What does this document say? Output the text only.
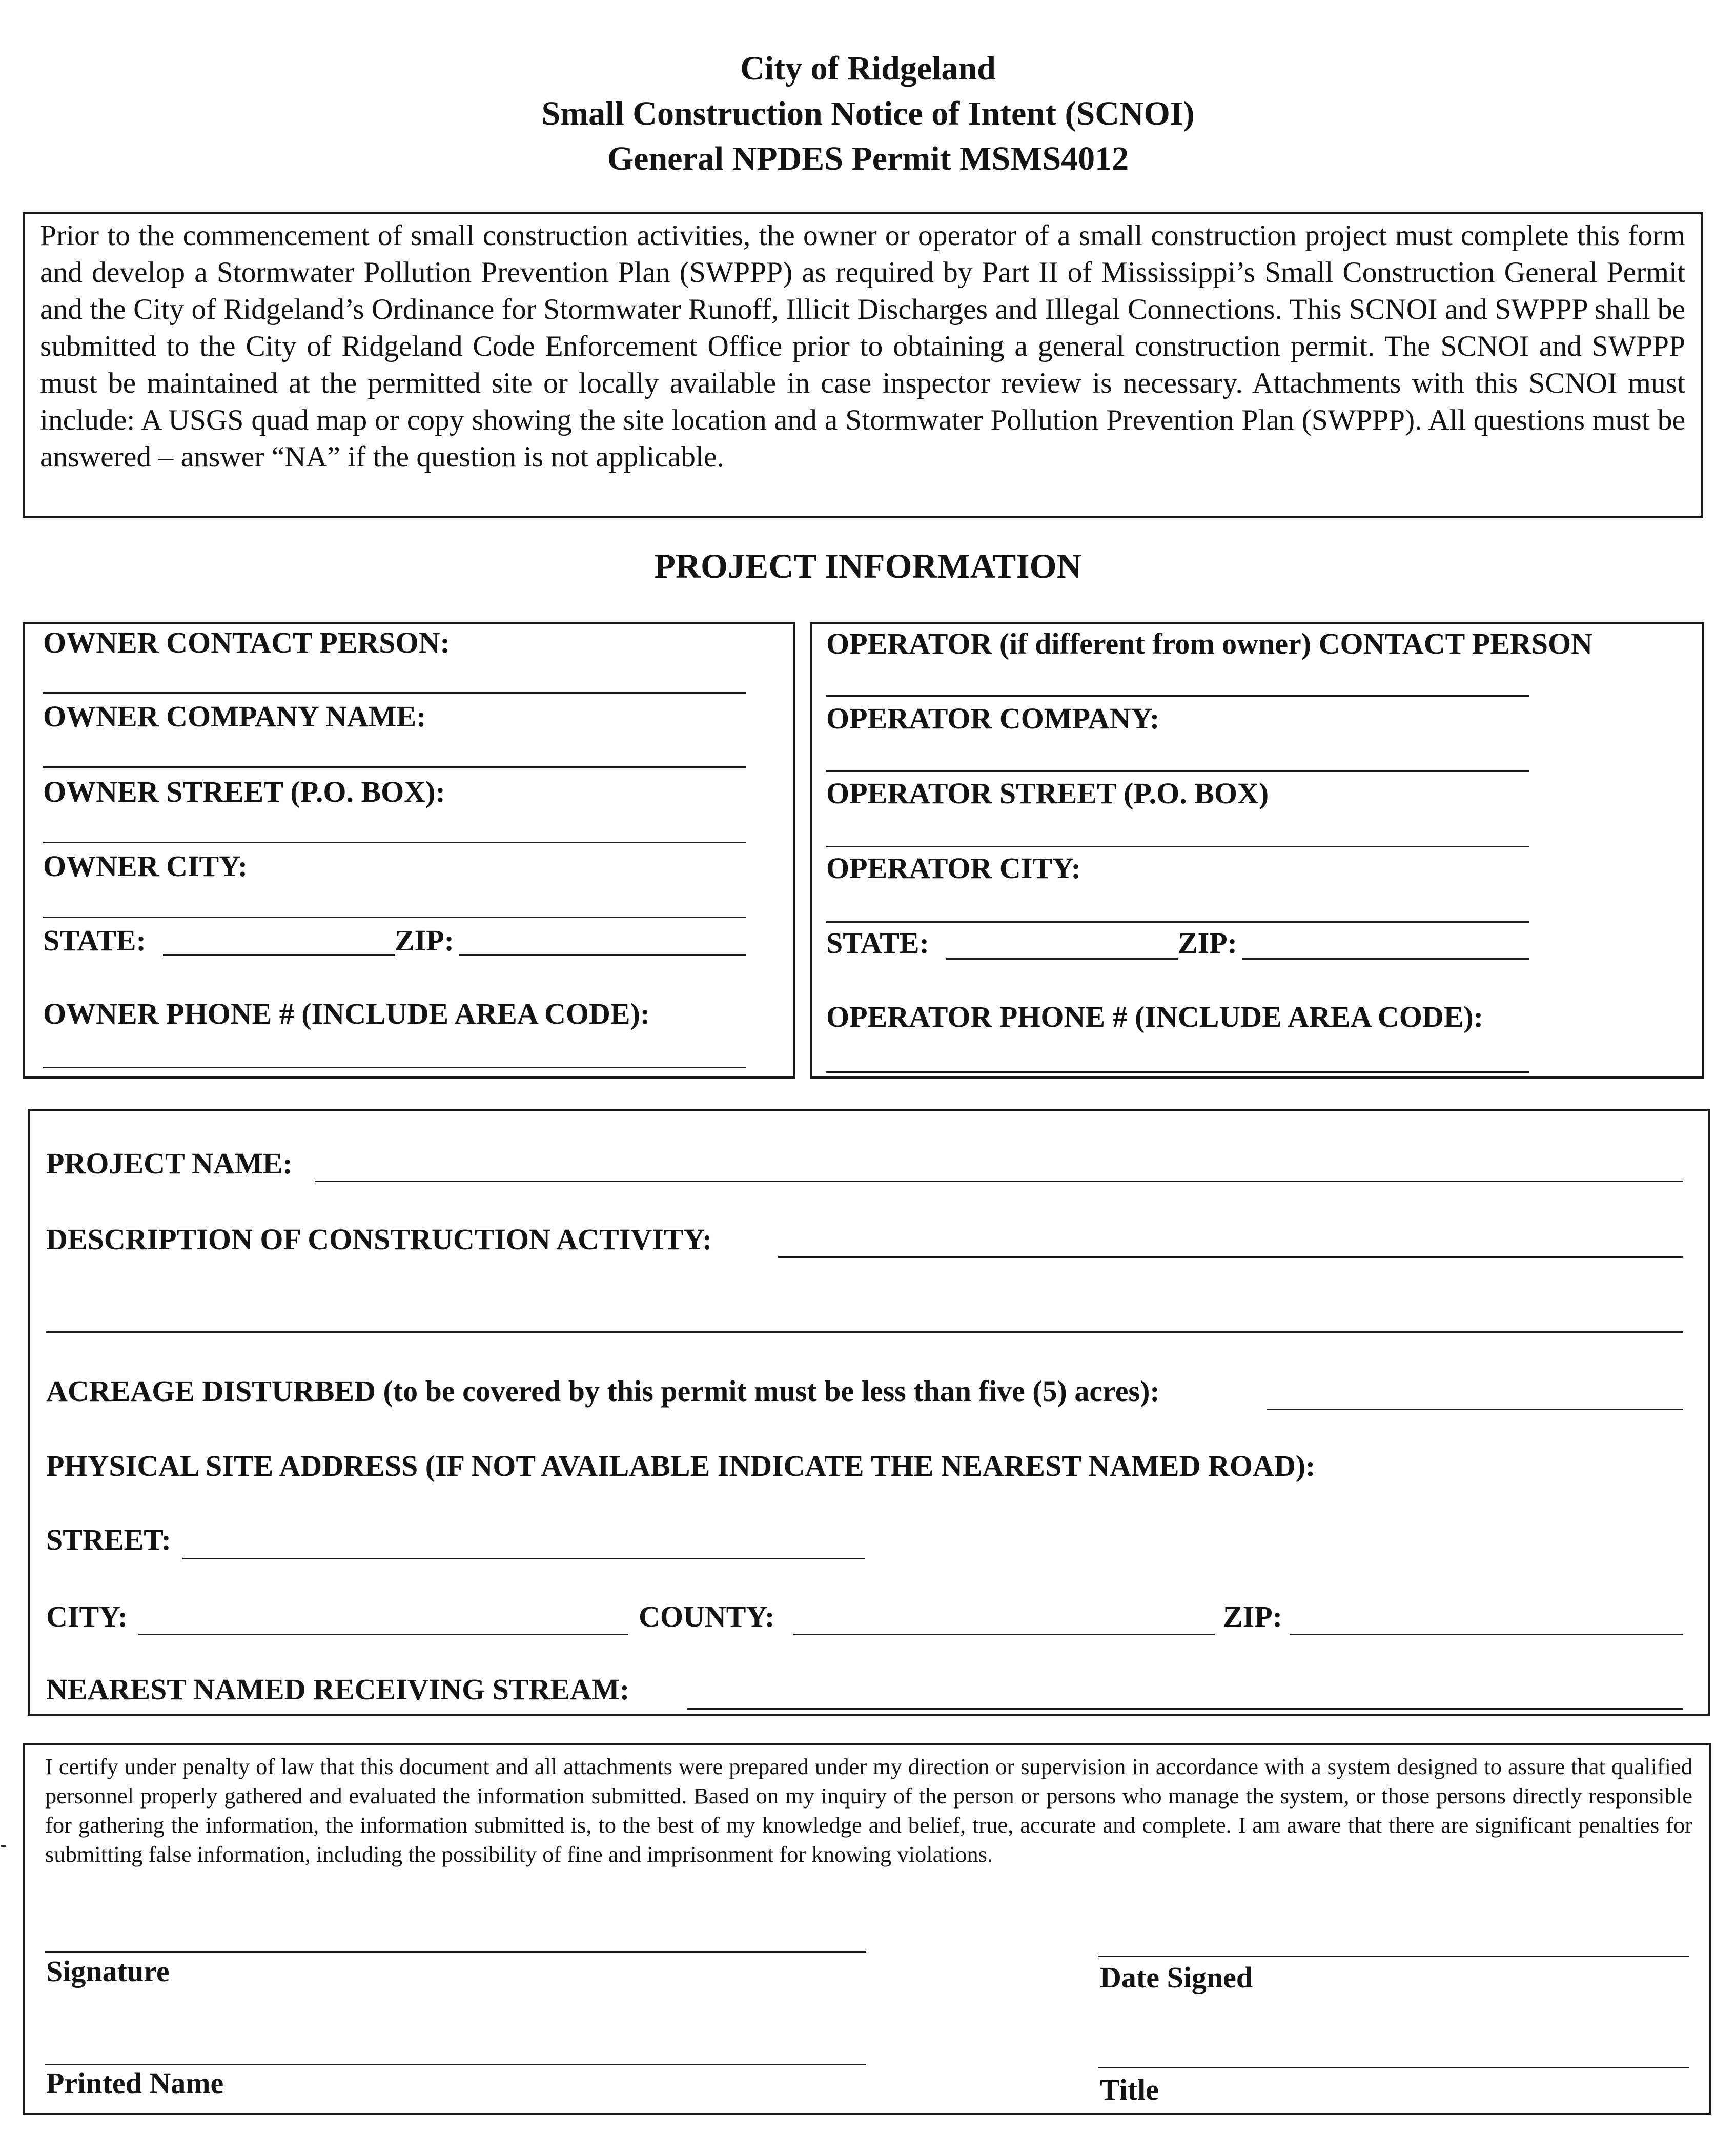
City of Ridgeland
Small Construction Notice of Intent (SCNOI)
General NPDES Permit MSMS4012
Prior to the commencement of small construction activities, the owner or operator of a small construction project must complete this form and develop a Stormwater Pollution Prevention Plan (SWPPP) as required by Part II of Mississippi’s Small Construction General Permit and the City of Ridgeland’s Ordinance for Stormwater Runoff, Illicit Discharges and Illegal Connections. This SCNOI and SWPPP shall be submitted to the City of Ridgeland Code Enforcement Office prior to obtaining a general construction permit. The SCNOI and SWPPP must be maintained at the permitted site or locally available in case inspector review is necessary. Attachments with this SCNOI must include: A USGS quad map or copy showing the site location and a Stormwater Pollution Prevention Plan (SWPPP). All questions must be answered – answer “NA” if the question is not applicable.
PROJECT INFORMATION
OWNER CONTACT PERSON:
OWNER COMPANY NAME:
OWNER STREET (P.O. BOX):
OWNER CITY:
STATE:	ZIP:
OWNER PHONE # (INCLUDE AREA CODE):
OPERATOR (if different from owner) CONTACT PERSON
OPERATOR COMPANY:
OPERATOR STREET (P.O. BOX)
OPERATOR CITY:
STATE:	ZIP:
OPERATOR PHONE # (INCLUDE AREA CODE):
PROJECT NAME:
DESCRIPTION OF CONSTRUCTION ACTIVITY:
ACREAGE DISTURBED (to be covered by this permit must be less than five (5) acres):
PHYSICAL SITE ADDRESS (IF NOT AVAILABLE INDICATE THE NEAREST NAMED ROAD):
STREET:
CITY:	COUNTY:	ZIP:
NEAREST NAMED RECEIVING STREAM:
I certify under penalty of law that this document and all attachments were prepared under my direction or supervision in accordance with a system designed to assure that qualified personnel properly gathered and evaluated the information submitted. Based on my inquiry of the person or persons who manage the system, or those persons directly responsible for gathering the information, the information submitted is, to the best of my knowledge and belief, true, accurate and complete. I am aware that there are significant penalties for submitting false information, including the possibility of fine and imprisonment for knowing violations.
Signature	Date Signed
Printed Name	Title
